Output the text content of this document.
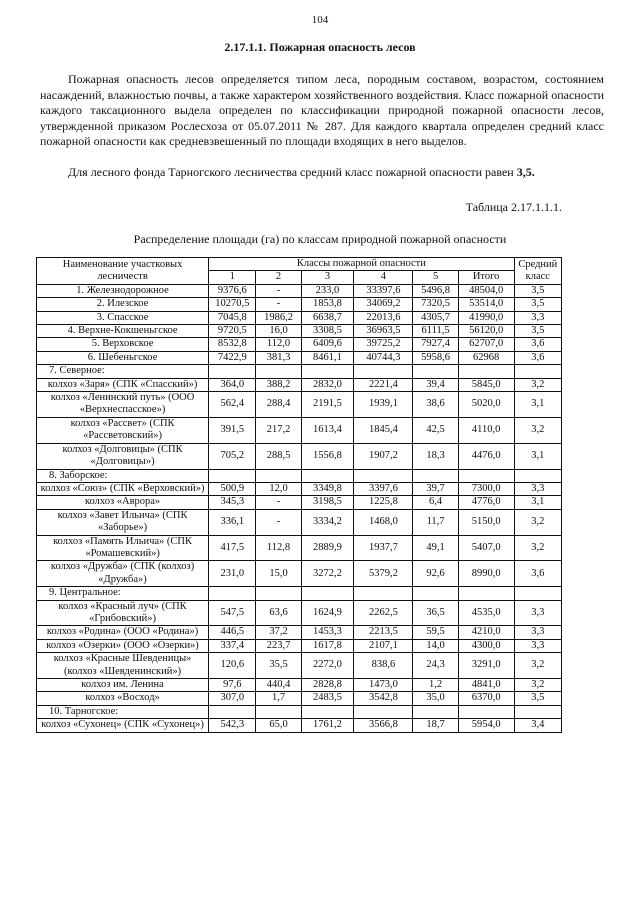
104
2.17.1.1. Пожарная опасность лесов

Пожарная опасность лесов определяется типом леса, породным составом, возрастом, состоянием насаждений, влажностью почвы, а также характером хозяйственного воздействия. Класс пожарной опасности каждого таксационного выдела определен по классификации природной пожарной опасности лесов, утвержденной приказом Рослесхоза от 05.07.2011 № 287. Для каждого квартала определен средний класс пожарной опасности как средневзвешенный по площади входящих в него выделов.

Для лесного фонда Тарногского лесничества средний класс пожарной опасности равен 3,5.

Таблица 2.17.1.1.1.
Распределение площади (га) по классам природной пожарной опасности
Наименование участковых лесничеств	Классы пожарной опасности						Средний класс
	1	2	3	4	5	Итого	
1. Железнодорожное	9376,6	-	233,0	33397,6	5496,8	48504,0	3,5
2. Илезское	10270,5	-	1853,8	34069,2	7320,5	53514,0	3,5
3. Спасское	7045,8	1986,2	6638,7	22013,6	4305,7	41990,0	3,3
4. Верхне-Кокшеньгское	9720,5	16,0	3308,5	36963,5	6111,5	56120,0	3,5
5. Верховское	8532,8	112,0	6409,6	39725,2	7927,4	62707,0	3,6
6. Шебеньгское	7422,9	381,3	8461,1	40744,3	5958,6	62968	3,6
7. Северное:							
колхоз «Заря» (СПК «Спасский»)	364,0	388,2	2832,0	2221,4	39,4	5845,0	3,2
колхоз «Ленинский путь» (ООО «Верхнеспасское»)	562,4	288,4	2191,5	1939,1	38,6	5020,0	3,1
колхоз «Рассвет» (СПК «Рассветовский»)	391,5	217,2	1613,4	1845,4	42,5	4110,0	3,2
колхоз «Долговицы» (СПК «Долговицы»)	705,2	288,5	1556,8	1907,2	18,3	4476,0	3,1
8. Заборское:							
колхоз «Союз» (СПК «Верховский»)	500,9	12,0	3349,8	3397,6	39,7	7300,0	3,3
колхоз «Аврора»	345,3	-	3198,5	1225,8	6,4	4776,0	3,1
колхоз «Завет Ильича» (СПК «Заборье»)	336,1	-	3334,2	1468,0	11,7	5150,0	3,2
колхоз «Память Ильича» (СПК «Ромашевский»)	417,5	112,8	2889,9	1937,7	49,1	5407,0	3,2
колхоз «Дружба» (СПК (колхоз) «Дружба»)	231,0	15,0	3272,2	5379,2	92,6	8990,0	3,6
9. Центральное:							
колхоз «Красный луч» (СПК «Грибовский»)	547,5	63,6	1624,9	2262,5	36,5	4535,0	3,3
колхоз «Родина» (ООО «Родина»)	446,5	37,2	1453,3	2213,5	59,5	4210,0	3,3
колхоз «Озерки» (ООО «Озерки»)	337,4	223,7	1617,8	2107,1	14,0	4300,0	3,3
колхоз «Красные Шевденицы» (колхоз «Шевденинский»)	120,6	35,5	2272,0	838,6	24,3	3291,0	3,2
колхоз им. Ленина	97,6	440,4	2828,8	1473,0	1,2	4841,0	3,2
колхоз «Восход»	307,0	1,7	2483,5	3542,8	35,0	6370,0	3,5
10. Тарногское:							
колхоз «Сухонец» (СПК «Сухонец»)	542,3	65,0	1761,2	3566,8	18,7	5954,0	3,4
